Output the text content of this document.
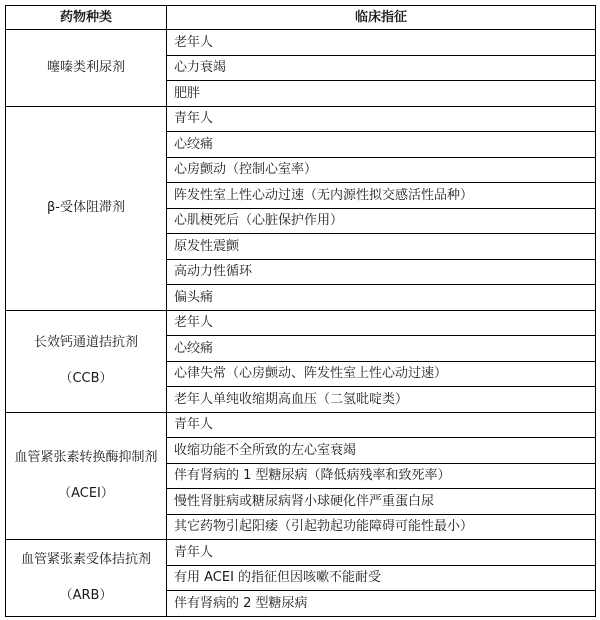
药物种类	临床指征

噻嗪类利尿剂	老年人
	心力衰竭
	肥胖

β-受体阻滞剂	青年人
	心绞痛
	心房颤动（控制心室率）
	阵发性室上性心动过速（无内源性拟交感活性品种）
	心肌梗死后（心脏保护作用）
	原发性震颤
	高动力性循环
	偏头痛

长效钙通道拮抗剂
（CCB）	老年人
	心绞痛
	心律失常（心房颤动、阵发性室上性心动过速）
	老年人单纯收缩期高血压（二氢吡啶类）

血管紧张素转换酶抑制剂
（ACEI）	青年人
	收缩功能不全所致的左心室衰竭
	伴有肾病的 1 型糖尿病（降低病残率和致死率）
	慢性肾脏病或糖尿病肾小球硬化伴严重蛋白尿
	其它药物引起阳痿（引起勃起功能障碍可能性最小）

血管紧张素受体拮抗剂
（ARB）	青年人
	有用 ACEI 的指征但因咳嗽不能耐受
	伴有肾病的 2 型糖尿病
